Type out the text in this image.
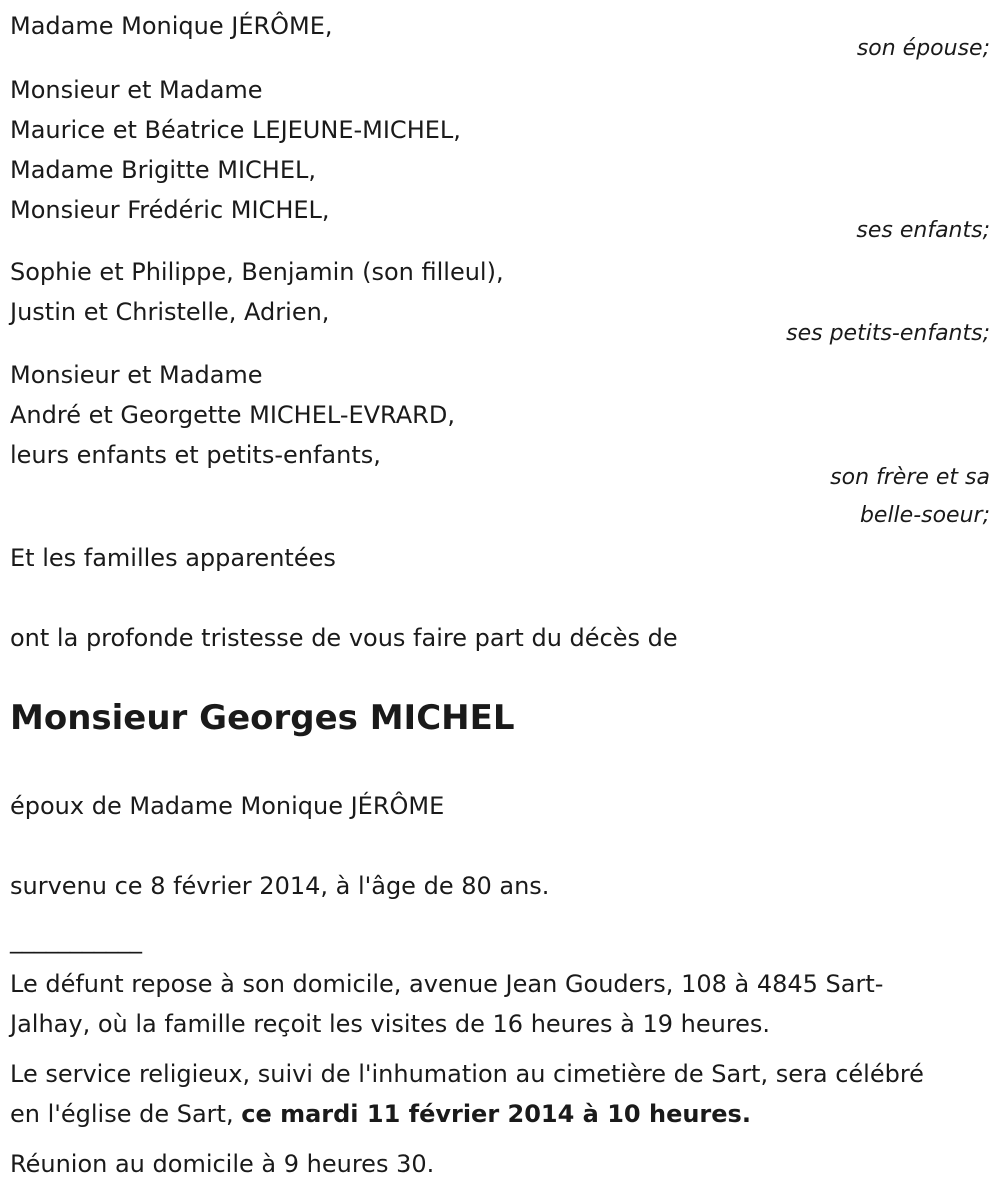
Madame Monique JÉRÔME,
son épouse;
Monsieur et Madame
Maurice et Béatrice LEJEUNE-MICHEL,
Madame Brigitte MICHEL,
Monsieur Frédéric MICHEL,
ses enfants;
Sophie et Philippe, Benjamin (son filleul),
Justin et Christelle, Adrien,
ses petits-enfants;
Monsieur et Madame
André et Georgette MICHEL-EVRARD,
leurs enfants et petits-enfants,
son frère et sa
belle-soeur;
Et les familles apparentées
ont la profonde tristesse de vous faire part du décès de
Monsieur Georges MICHEL
époux de Madame Monique JÉRÔME
survenu ce 8 février 2014, à l'âge de 80 ans.
___________
Le défunt repose à son domicile, avenue Jean Gouders, 108 à 4845 Sart-Jalhay, où la famille reçoit les visites de 16 heures à 19 heures.
Le service religieux, suivi de l'inhumation au cimetière de Sart, sera célébré en l'église de Sart, ce mardi 11 février 2014 à 10 heures.
Réunion au domicile à 9 heures 30.
